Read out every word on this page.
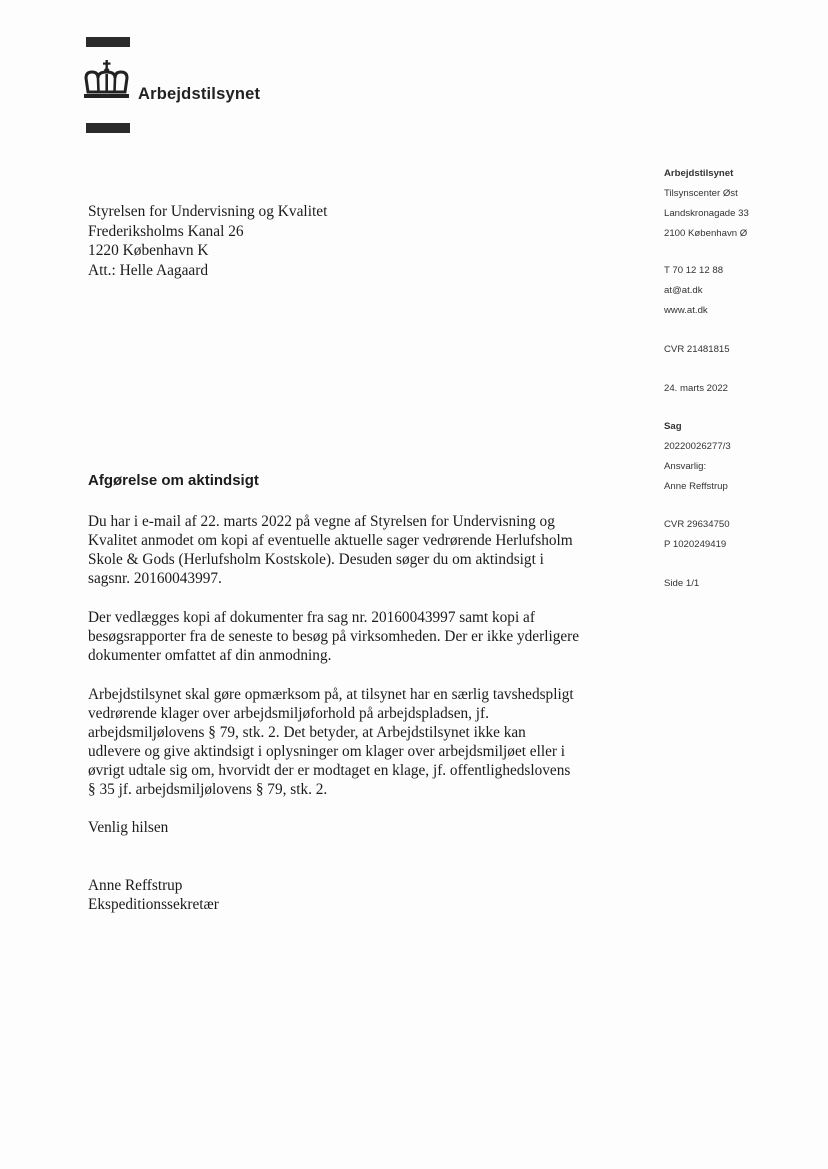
Arbejdstilsynet
Styrelsen for Undervisning og Kvalitet
Frederiksholms Kanal 26
1220 København K
Att.: Helle Aagaard
Arbejdstilsynet
Tilsynscenter Øst
Landskronagade 33
2100 København Ø
T 70 12 12 88
at@at.dk
www.at.dk
CVR 21481815
24. marts 2022
Sag
20220026277/3
Ansvarlig:
Anne Reffstrup
CVR 29634750
P 1020249419
Side 1/1
Afgørelse om aktindsigt
Du har i e-mail af 22. marts 2022 på vegne af Styrelsen for Undervisning og
Kvalitet anmodet om kopi af eventuelle aktuelle sager vedrørende Herlufsholm
Skole & Gods (Herlufsholm Kostskole). Desuden søger du om aktindsigt i
sagsnr. 20160043997.
Der vedlægges kopi af dokumenter fra sag nr. 20160043997 samt kopi af
besøgsrapporter fra de seneste to besøg på virksomheden. Der er ikke yderligere
dokumenter omfattet af din anmodning.
Arbejdstilsynet skal gøre opmærksom på, at tilsynet har en særlig tavshedspligt
vedrørende klager over arbejdsmiljøforhold på arbejdspladsen, jf.
arbejdsmiljølovens § 79, stk. 2. Det betyder, at Arbejdstilsynet ikke kan
udlevere og give aktindsigt i oplysninger om klager over arbejdsmiljøet eller i
øvrigt udtale sig om, hvorvidt der er modtaget en klage, jf. offentlighedslovens
§ 35 jf. arbejdsmiljølovens § 79, stk. 2.
Venlig hilsen
Anne Reffstrup
Ekspeditionssekretær
